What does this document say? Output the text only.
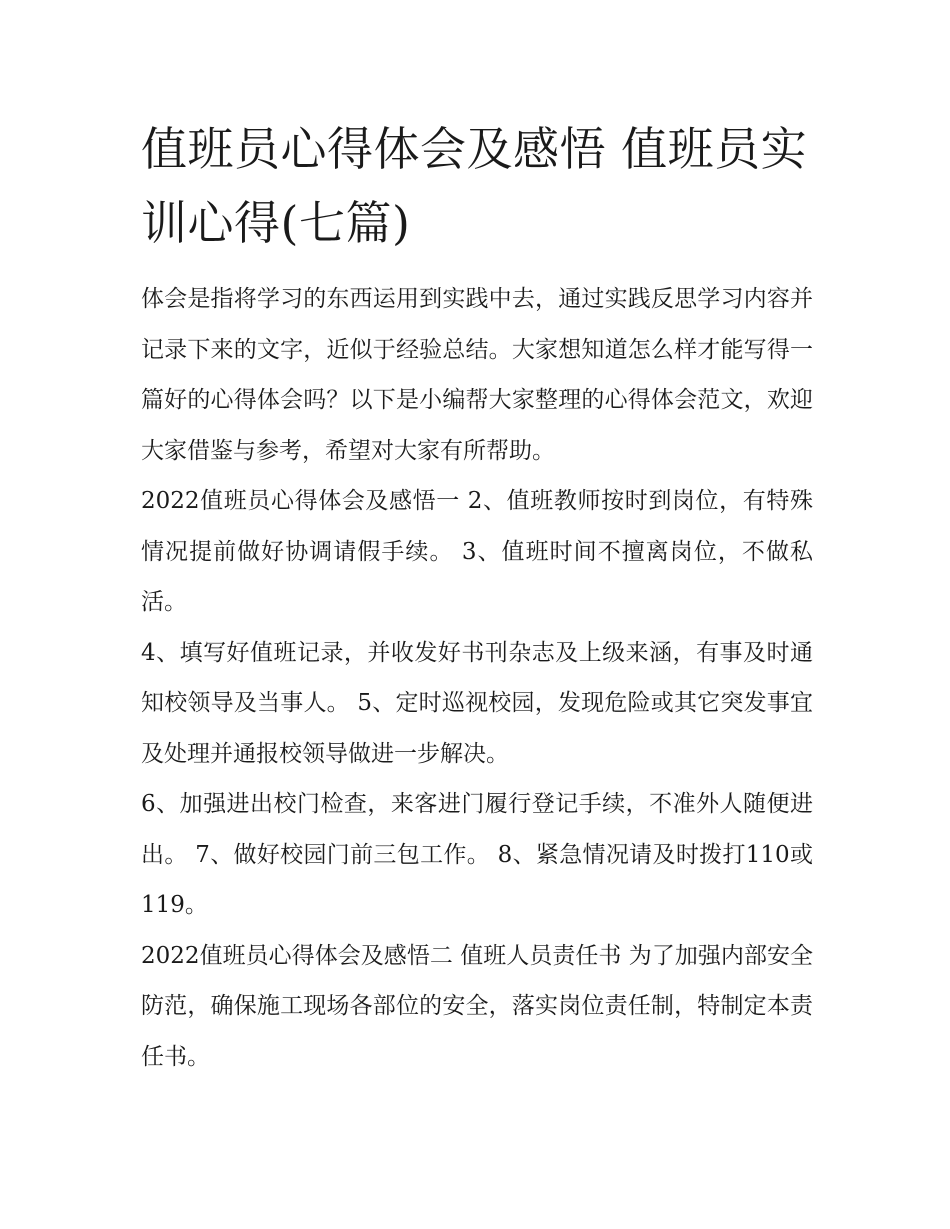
值班员心得体会及感悟 值班员实训心得(七篇)

体会是指将学习的东西运用到实践中去，通过实践反思学习内容并记录下来的文字，近似于经验总结。大家想知道怎么样才能写得一篇好的心得体会吗？以下是小编帮大家整理的心得体会范文，欢迎大家借鉴与参考，希望对大家有所帮助。

2022值班员心得体会及感悟一 2、值班教师按时到岗位，有特殊情况提前做好协调请假手续。 3、值班时间不擅离岗位，不做私活。

4、填写好值班记录，并收发好书刊杂志及上级来涵，有事及时通知校领导及当事人。 5、定时巡视校园，发现危险或其它突发事宜及处理并通报校领导做进一步解决。

6、加强进出校门检查，来客进门履行登记手续，不准外人随便进出。 7、做好校园门前三包工作。 8、紧急情况请及时拨打110或119。

2022值班员心得体会及感悟二 值班人员责任书 为了加强内部安全防范，确保施工现场各部位的安全，落实岗位责任制，特制定本责任书。
